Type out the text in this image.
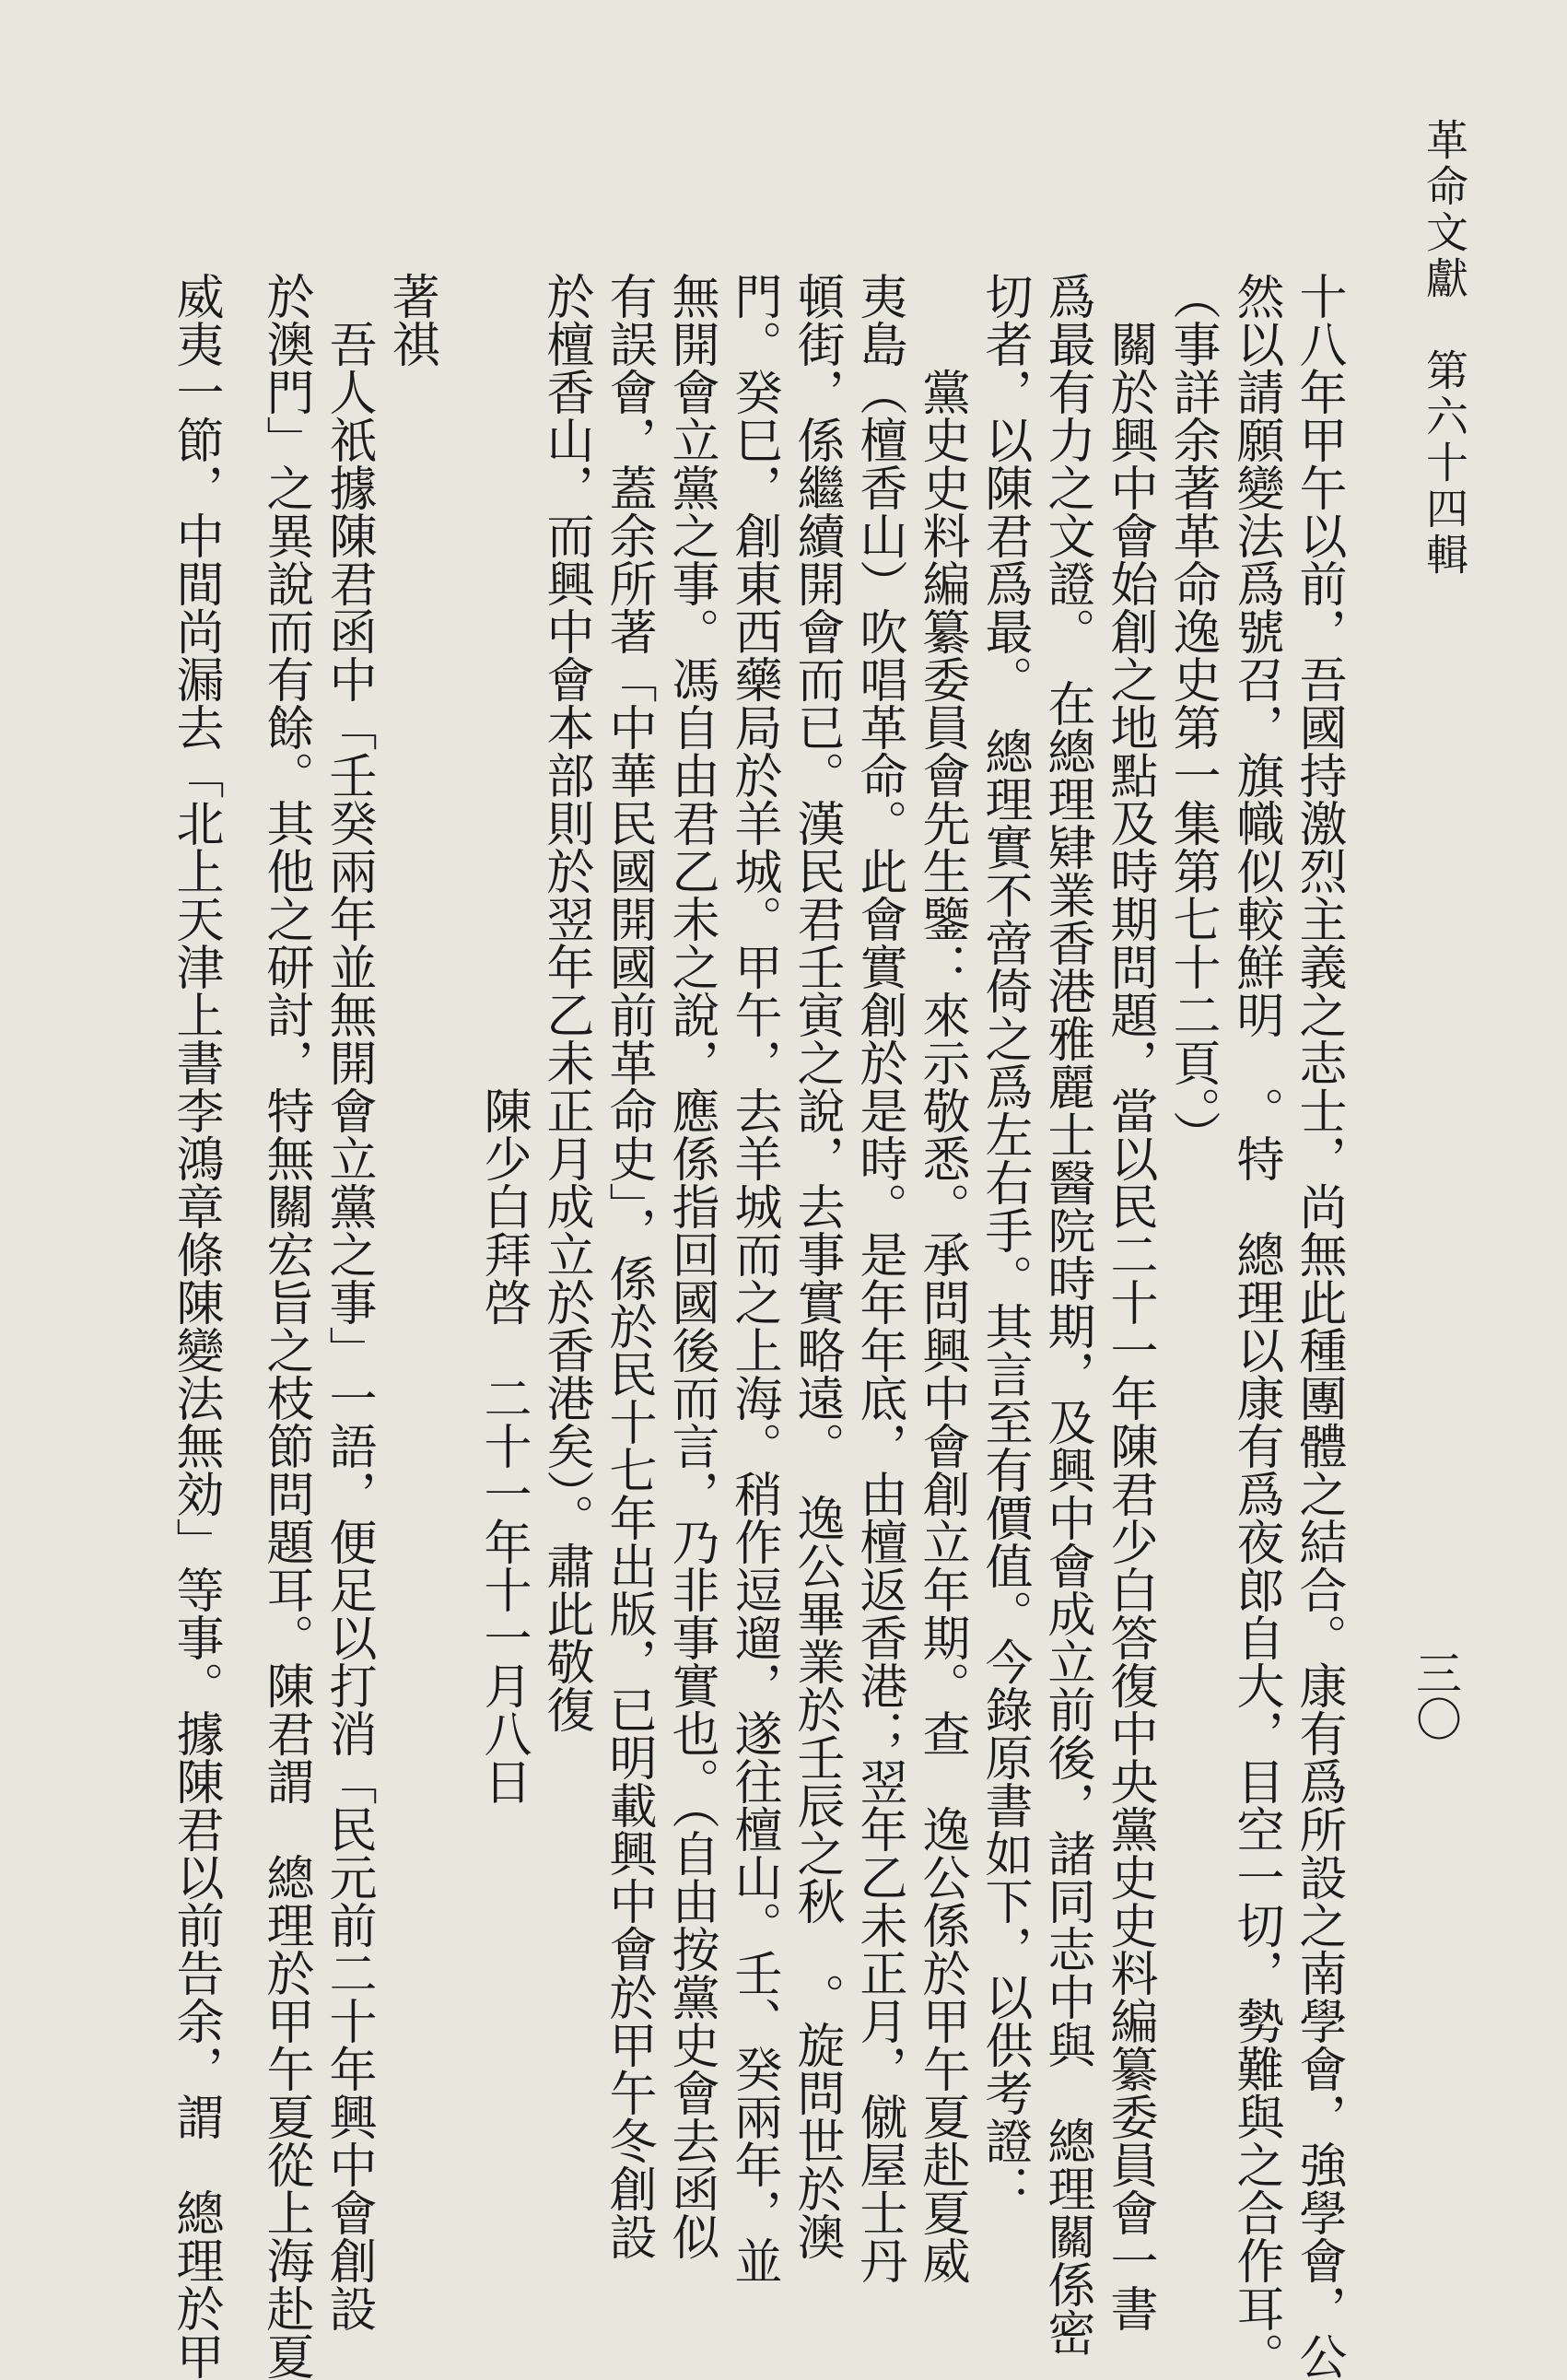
革命文獻　第六十四輯
三〇
十八年甲午以前，吾國持激烈主義之志士，尚無此種團體之結合。康有爲所設之南學會，強學會，公
然以請願變法爲號召，旗幟似較鮮明　。特　總理以康有爲夜郎自大，目空一切，勢難與之合作耳。
（事詳余著革命逸史第一集第七十二頁。）
　關於興中會始創之地點及時期問題，當以民二十一年陳君少白答復中央黨史史料編纂委員會一書
爲最有力之文證。　在總理肄業香港雅麗士醫院時期，及興中會成立前後，諸同志中與　總理關係密
切者，以陳君爲最。　總理實不啻倚之爲左右手。其言至有價值。今錄原書如下，以供考證：
　　黨史史料編纂委員會先生鑒：來示敬悉。承問興中會創立年期。查　逸公係於甲午夏赴夏威
夷島（檀香山）吹唱革命。此會實創於是時。是年年底，由檀返香港；翌年乙未正月，僦屋士丹
頓街，係繼續開會而已。漢民君壬寅之說，去事實略遠。　逸公畢業於壬辰之秋　。旋問世於澳
門。癸巳，創東西藥局於羊城。甲午，去羊城而之上海。稍作逗遛，遂往檀山。壬、癸兩年，並
無開會立黨之事。馮自由君乙未之說，應係指回國後而言，乃非事實也。（自由按黨史會去函似
有誤會，蓋余所著「中華民國開國前革命史」，係於民十七年出版，已明載興中會於甲午冬創設
於檀香山，而興中會本部則於翌年乙未正月成立於香港矣）。肅此敬復
　　　　　　　　　　　　　　　　　陳少白拜啓　二十一年十一月八日
著祺
　吾人祇據陳君函中「壬癸兩年並無開會立黨之事」一語，便足以打消「民元前二十年興中會創設
於澳門」之異說而有餘。其他之研討，特無關宏旨之枝節問題耳。陳君謂　總理於甲午夏從上海赴夏
威夷一節，中間尚漏去「北上天津上書李鴻章條陳變法無効」等事。據陳君以前告余，謂　總理於甲
